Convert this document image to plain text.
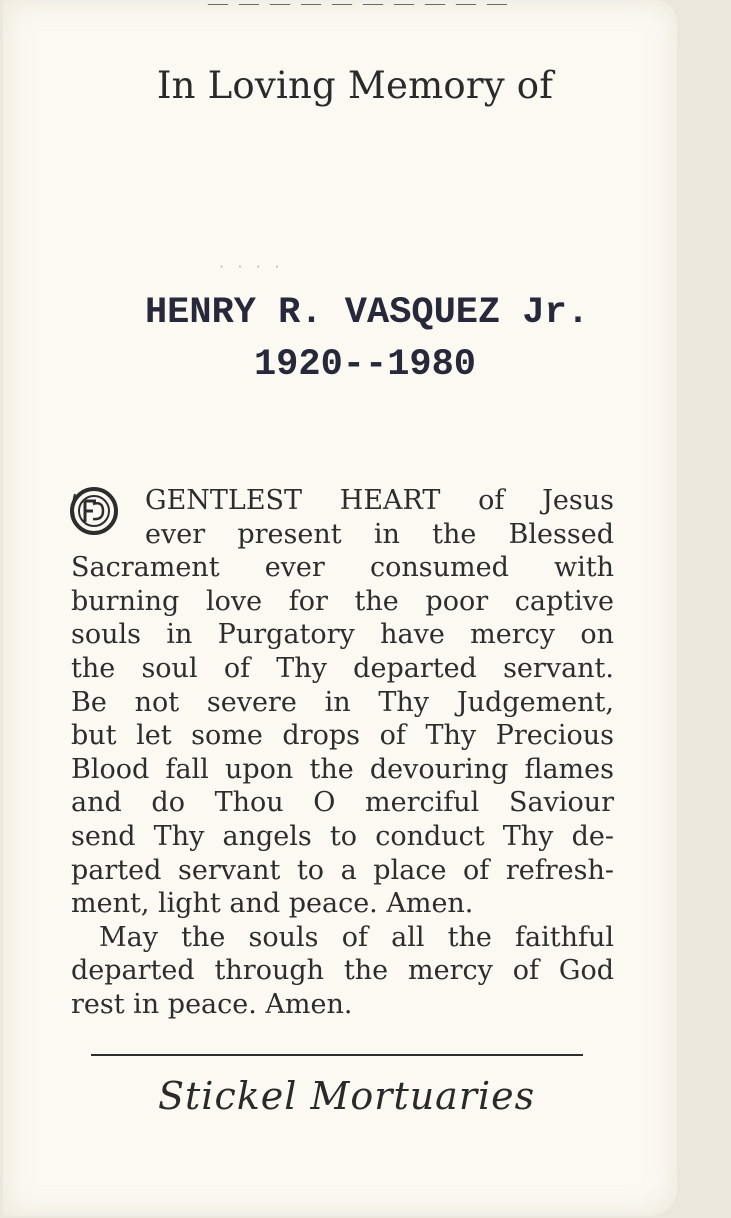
— — — — — — — — — —
In Loving Memory of
· · · ·
HENRY R. VASQUEZ Jr.
1920--1980
GENTLEST HEART of Jesus
ever present in the Blessed
Sacrament ever consumed with
burning love for the poor captive
souls in Purgatory have mercy on
the soul of Thy departed servant.
Be not severe in Thy Judgement,
but let some drops of Thy Precious
Blood fall upon the devouring flames
and do Thou O merciful Saviour
send Thy angels to conduct Thy de-
parted servant to a place of refresh-
ment, light and peace. Amen.
May the souls of all the faithful
departed through the mercy of God
rest in peace. Amen.
Stickel Mortuaries
